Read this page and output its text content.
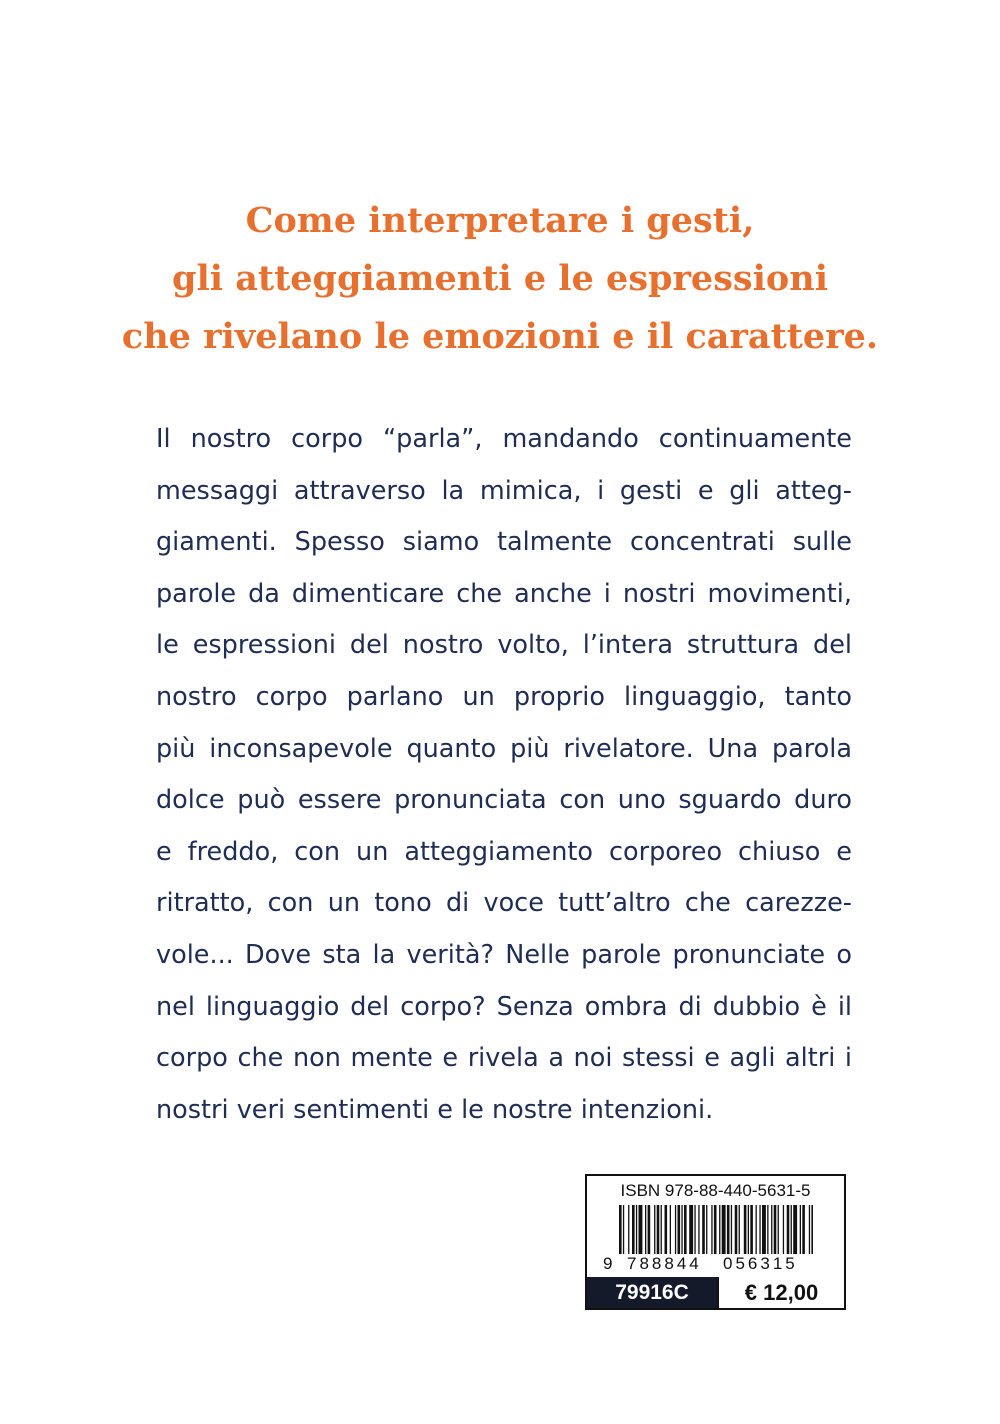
Come interpretare i gesti,
gli atteggiamenti e le espressioni
che rivelano le emozioni e il carattere.
Il nostro corpo “parla”, mandando continuamente
messaggi attraverso la mimica, i gesti e gli atteg-
giamenti. Spesso siamo talmente concentrati sulle
parole da dimenticare che anche i nostri movimenti,
le espressioni del nostro volto, l’intera struttura del
nostro corpo parlano un proprio linguaggio, tanto
più inconsapevole quanto più rivelatore. Una parola
dolce può essere pronunciata con uno sguardo duro
e freddo, con un atteggiamento corporeo chiuso e
ritratto, con un tono di voce tutt’altro che carezze-
vole... Dove sta la verità? Nelle parole pronunciate o
nel linguaggio del corpo? Senza ombra di dubbio è il
corpo che non mente e rivela a noi stessi e agli altri i
nostri veri sentimenti e le nostre intenzioni.
ISBN 978-88-440-5631-5
9 788844 056315
79916C	€ 12,00
